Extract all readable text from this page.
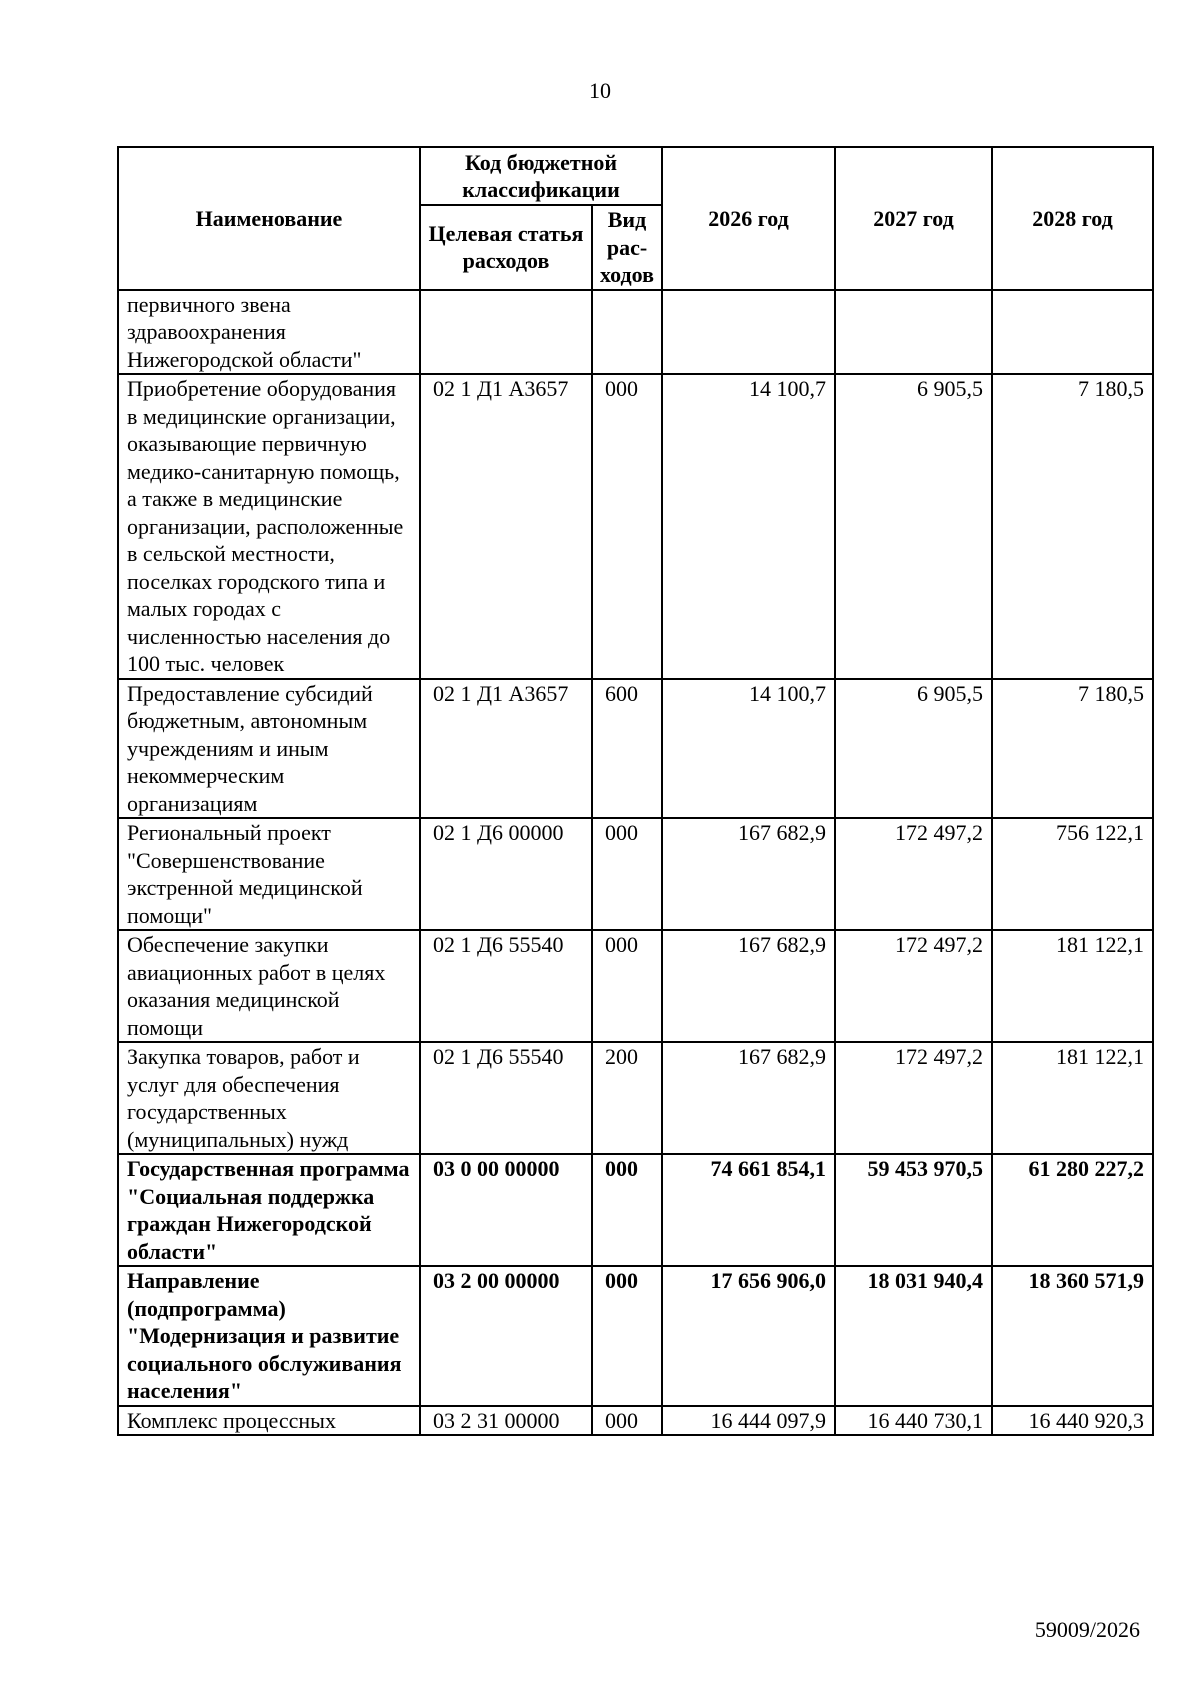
10
Наименование	Код бюджетной классификации		2026 год	2027 год	2028 год
	Целевая статья расходов	Вид рас-ходов			
первичного звена здравоохранения Нижегородской области"					
Приобретение оборудования в медицинские организации, оказывающие первичную медико-санитарную помощь, а также в медицинские организации, расположенные в сельской местности, поселках городского типа и малых городах с численностью населения до 100 тыс. человек	02 1 Д1 А3657	000	14 100,7	6 905,5	7 180,5
Предоставление субсидий бюджетным, автономным учреждениям и иным некоммерческим организациям	02 1 Д1 А3657	600	14 100,7	6 905,5	7 180,5
Региональный проект "Совершенствование экстренной медицинской помощи"	02 1 Д6 00000	000	167 682,9	172 497,2	756 122,1
Обеспечение закупки авиационных работ в целях оказания медицинской помощи	02 1 Д6 55540	000	167 682,9	172 497,2	181 122,1
Закупка товаров, работ и услуг для обеспечения государственных (муниципальных) нужд	02 1 Д6 55540	200	167 682,9	172 497,2	181 122,1
Государственная программа "Социальная поддержка граждан Нижегородской области"	03 0 00 00000	000	74 661 854,1	59 453 970,5	61 280 227,2
Направление (подпрограмма) "Модернизация и развитие социального обслуживания населения"	03 2 00 00000	000	17 656 906,0	18 031 940,4	18 360 571,9
Комплекс процессных	03 2 31 00000	000	16 444 097,9	16 440 730,1	16 440 920,3
59009/2026
